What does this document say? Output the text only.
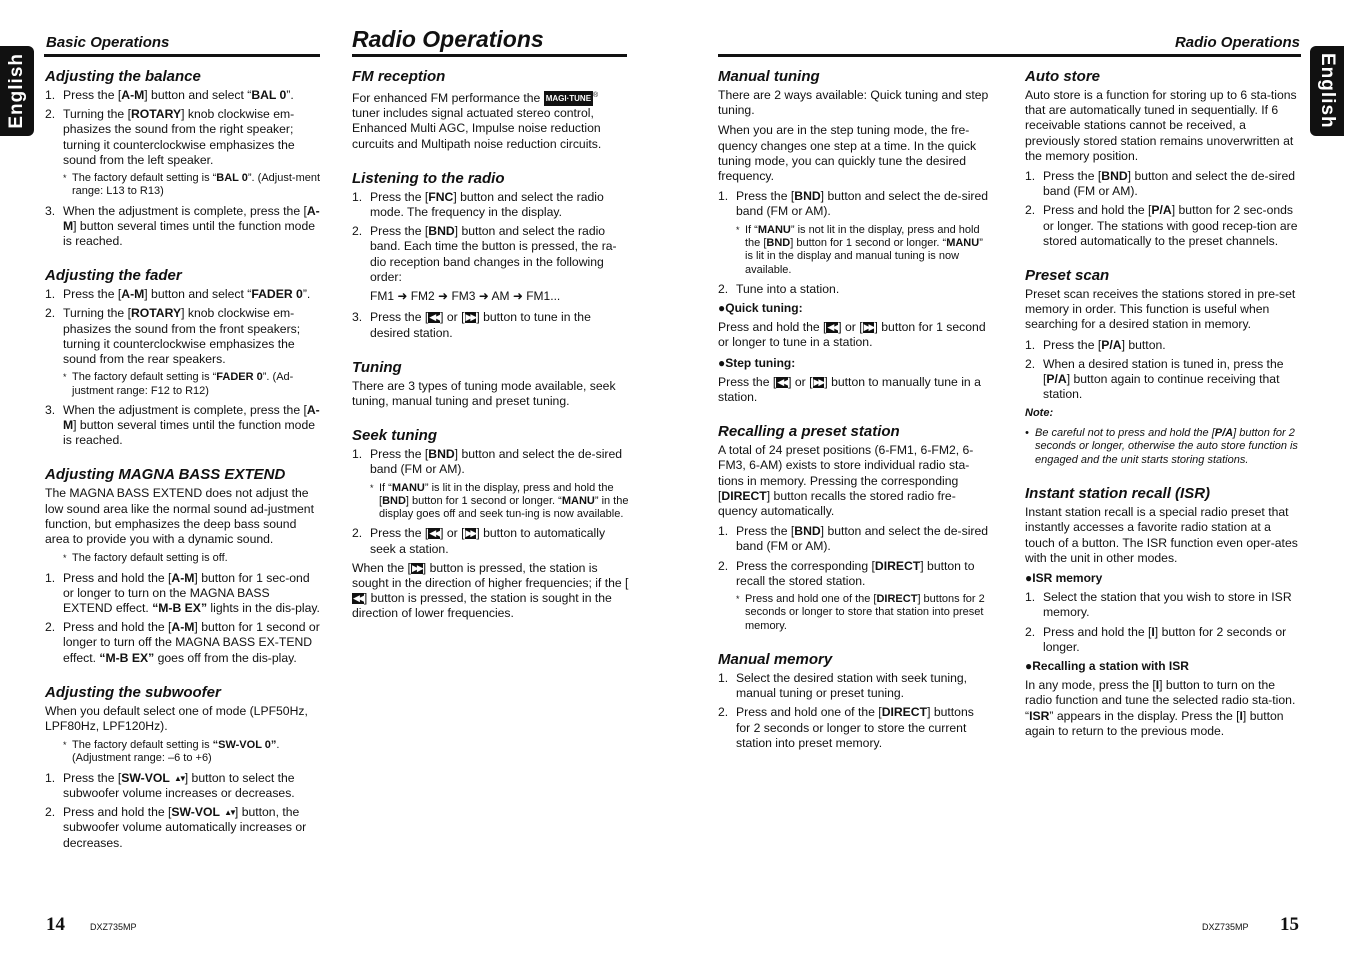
English	English
Basic Operations	Radio Operations	Radio Operations
Adjusting the balance
1. Press the [A-M] button and select “BAL 0”.
2. Turning the [ROTARY] knob clockwise em-phasizes the sound from the right speaker; turning it counterclockwise emphasizes the sound from the left speaker.
* The factory default setting is “BAL 0”. (Adjust-ment range: L13 to R13)
3. When the adjustment is complete, press the [A-M] button several times until the function mode is reached.
Adjusting the fader
1. Press the [A-M] button and select “FADER 0”.
2. Turning the [ROTARY] knob clockwise em-phasizes the sound from the front speakers; turning it counterclockwise emphasizes the sound from the rear speakers.
* The factory default setting is “FADER 0”. (Ad-justment range: F12 to R12)
3. When the adjustment is complete, press the [A-M] button several times until the function mode is reached.
Adjusting MAGNA BASS EXTEND

The MAGNA BASS EXTEND does not adjust the low sound area like the normal sound ad-justment function, but emphasizes the deep bass sound area to provide you with a dynamic sound.

* The factory default setting is off.
1. Press and hold the [A-M] button for 1 sec-ond or longer to turn on the MAGNA BASS EXTEND effect. “M-B EX” lights in the dis-play.
2. Press and hold the [A-M] button for 1 second or longer to turn off the MAGNA BASS EX-TEND effect. “M-B EX” goes off from the dis-play.
Adjusting the subwoofer

When you default select one of mode (LPF50Hz, LPF80Hz, LPF120Hz).

* The factory default setting is “SW-VOL 0”. (Adjustment range: –6 to +6)
1. Press the [SW-VOL ▲▼] button to select the subwoofer volume increases or decreases.
2. Press and hold the [SW-VOL ▲▼] button, the subwoofer volume automatically increases or decreases.
FM reception

For enhanced FM performance the MAGI·TUNE ® tuner includes signal actuated stereo control, Enhanced Multi AGC, Impulse noise reduction curcuits and Multipath noise reduction circuits.

Listening to the radio
1. Press the [FNC] button and select the radio mode. The frequency in the display.
2. Press the [BND] button and select the radio band. Each time the button is pressed, the ra-dio reception band changes in the following order:
FM1 ➜ FM2 ➜ FM3 ➜ AM ➜ FM1...
3. Press the [◀◀] or [▶▶] button to tune in the desired station.
Tuning

There are 3 types of tuning mode available, seek tuning, manual tuning and preset tuning.

Seek tuning
1. Press the [BND] button and select the de-sired band (FM or AM).
* If “MANU” is lit in the display, press and hold the [BND] button for 1 second or longer. “MANU” in the display goes off and seek tun-ing is now available.
2. Press the [◀◀] or [▶▶] button to automatically seek a station.

When the [▶▶] button is pressed, the station is sought in the direction of higher frequencies; if the [◀◀] button is pressed, the station is sought in the direction of lower frequencies.

Manual tuning

There are 2 ways available: Quick tuning and step tuning.

When you are in the step tuning mode, the fre-quency changes one step at a time. In the quick tuning mode, you can quickly tune the desired frequency.

1. Press the [BND] button and select the de-sired band (FM or AM).
* If “MANU” is not lit in the display, press and hold the [BND] button for 1 second or longer. “MANU” is lit in the display and manual tuning is now available.
2. Tune into a station.
●Quick tuning:

Press and hold the [◀◀] or [▶▶] button for 1 second or longer to tune in a station.

●Step tuning:

Press the [◀◀] or [▶▶] button to manually tune in a station.

Recalling a preset station

A total of 24 preset positions (6-FM1, 6-FM2, 6-FM3, 6-AM) exists to store individual radio sta-tions in memory. Pressing the corresponding [DIRECT] button recalls the stored radio fre-quency automatically.

1. Press the [BND] button and select the de-sired band (FM or AM).
2. Press the corresponding [DIRECT] button to recall the stored station.
* Press and hold one of the [DIRECT] buttons for 2 seconds or longer to store that station into preset memory.
Manual memory
1. Select the desired station with seek tuning, manual tuning or preset tuning.
2. Press and hold one of the [DIRECT] buttons for 2 seconds or longer to store the current station into preset memory.
Auto store

Auto store is a function for storing up to 6 sta-tions that are automatically tuned in sequentially. If 6 receivable stations cannot be received, a previously stored station remains unoverwritten at the memory position.

1. Press the [BND] button and select the de-sired band (FM or AM).
2. Press and hold the [P/A] button for 2 sec-onds or longer. The stations with good recep-tion are stored automatically to the preset channels.
Preset scan

Preset scan receives the stations stored in pre-set memory in order. This function is useful when searching for a desired station in memory.

1. Press the [P/A] button.
2. When a desired station is tuned in, press the [P/A] button again to continue receiving that station.

Note:

• Be careful not to press and hold the [P/A] button for 2 seconds or longer, otherwise the auto store function is engaged and the unit starts storing stations.

Instant station recall (ISR)

Instant station recall is a special radio preset that instantly accesses a favorite radio station at a touch of a button. The ISR function even oper-ates with the unit in other modes.

●ISR memory
1. Select the station that you wish to store in ISR memory.
2. Press and hold the [I] button for 2 seconds or longer.
●Recalling a station with ISR

In any mode, press the [I] button to turn on the radio function and tune the selected radio sta-tion. “ISR” appears in the display. Press the [I] button again to return to the previous mode.

14	DXZ735MP	DXZ735MP 15
